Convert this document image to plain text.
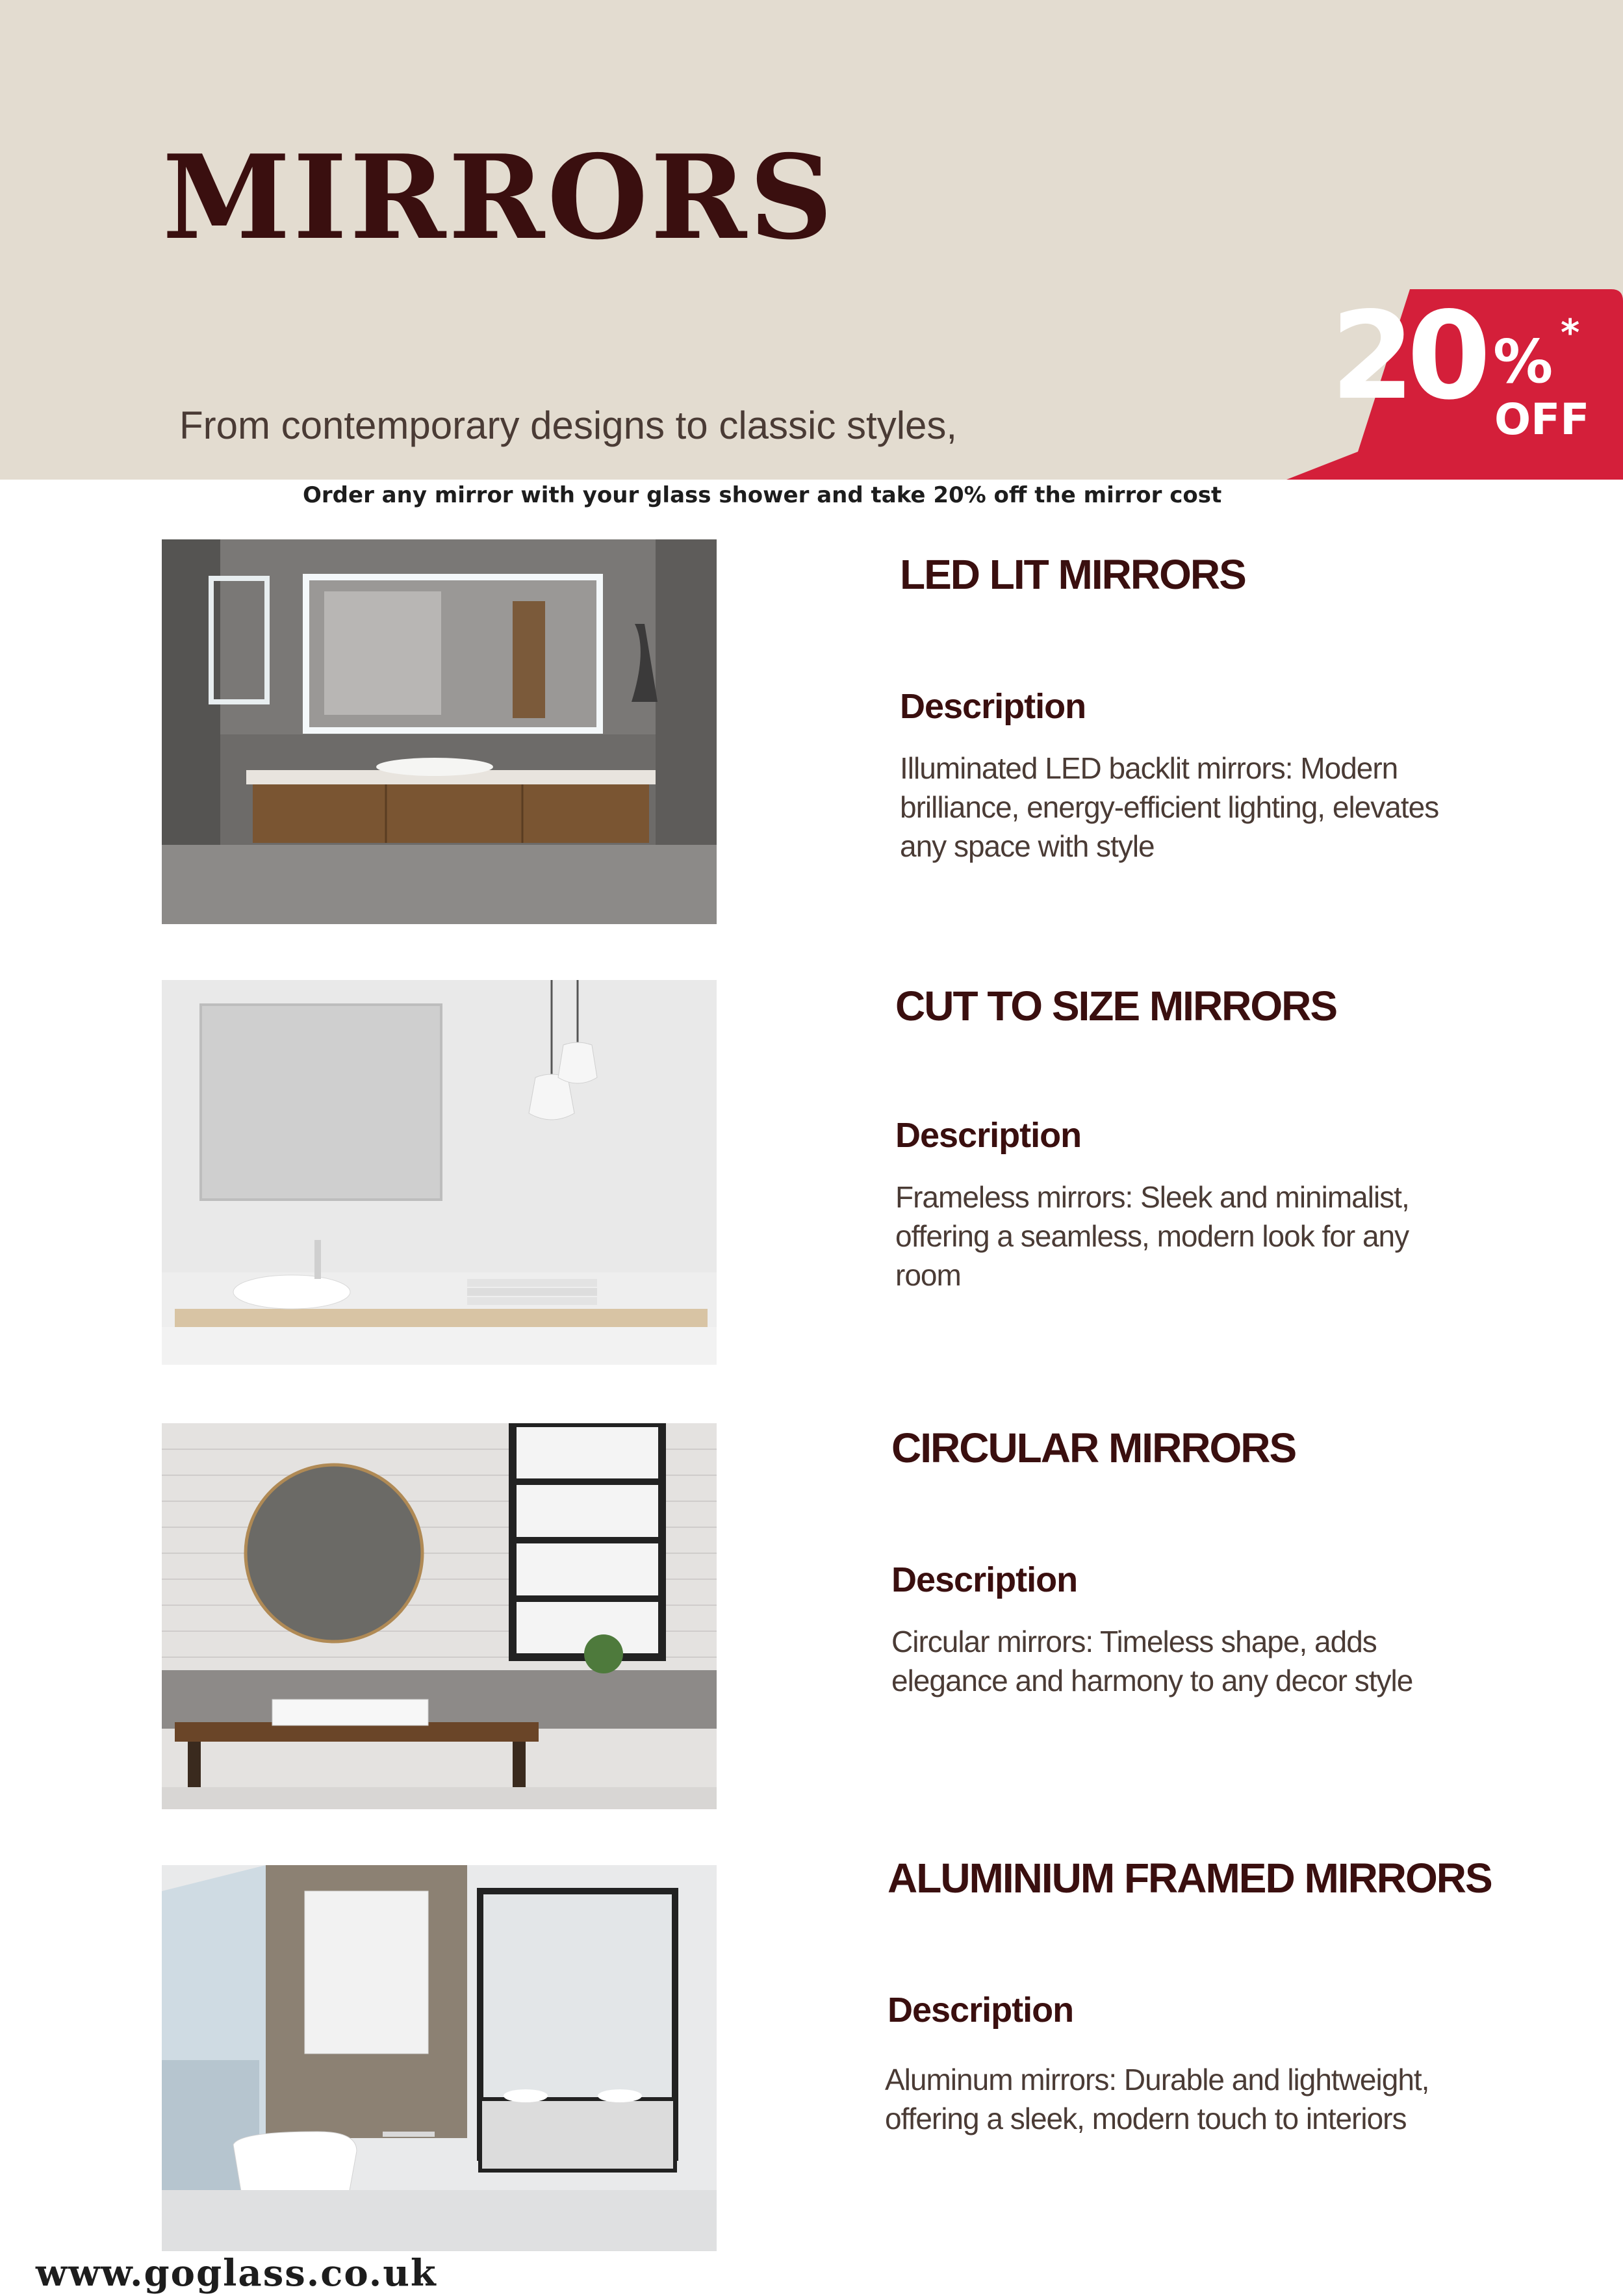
MIRRORS
From contemporary designs to classic styles,	20 %
OFF
*
Order any mirror with your glass shower and take 20% off the mirror cost
LED LIT MIRRORS
Description

Illuminated LED backlit mirrors: Modern brilliance, energy-efficient lighting, elevates any space with style

CUT TO SIZE MIRRORS
Description

Frameless mirrors: Sleek and minimalist, offering a seamless, modern look for any room

CIRCULAR MIRRORS
Description

Circular mirrors: Timeless shape, adds elegance and harmony to any decor style

ALUMINIUM FRAMED MIRRORS
Description

Aluminum mirrors: Durable and lightweight, offering a sleek, modern touch to interiors

www.goglass.co.uk
